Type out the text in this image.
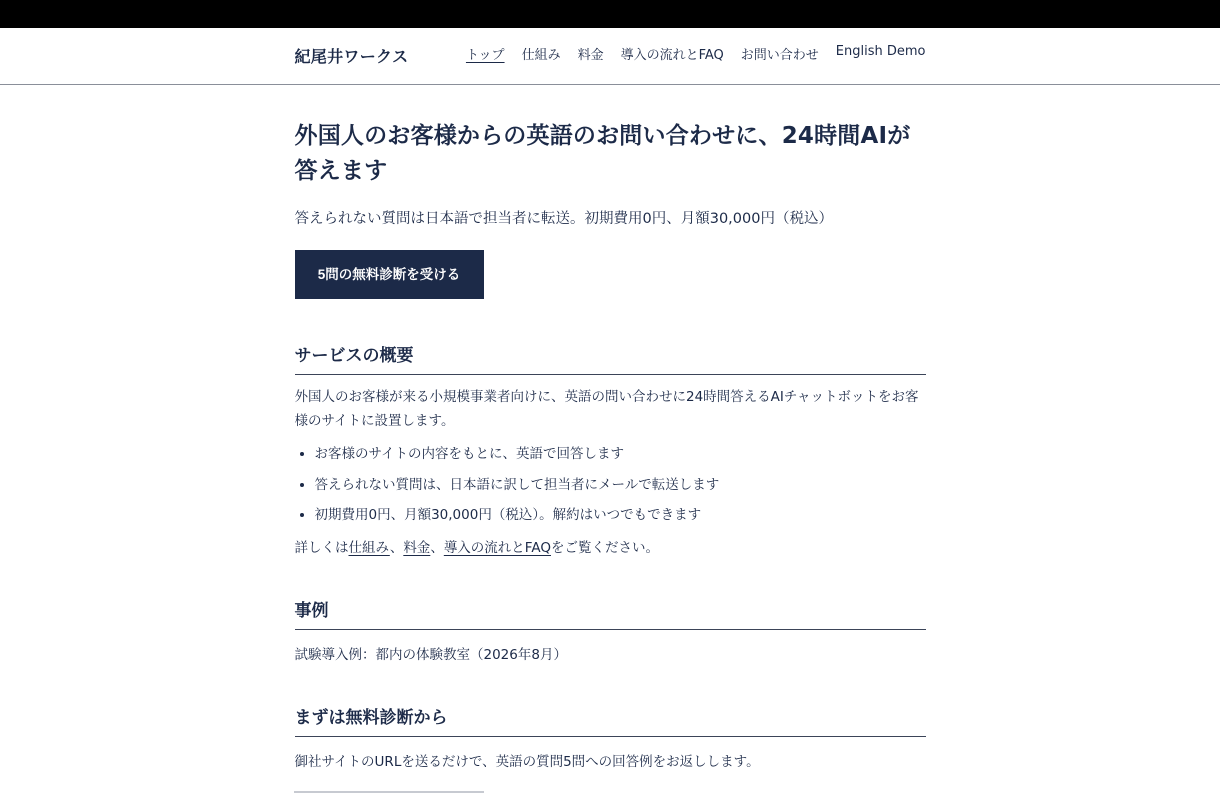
紀尾井ワークス	トップ 仕組み 料金 導入の流れとFAQ お問い合わせ English Demo
外国人のお客様からの英語のお問い合わせに、24時間AIが答えます

答えられない質問は日本語で担当者に転送。初期費用0円、月額30,000円（税込）

5問の無料診断を受ける
サービスの概要

外国人のお客様が来る小規模事業者向けに、英語の問い合わせに24時間答えるAIチャットボットをお客様のサイトに設置します。

• お客様のサイトの内容をもとに、英語で回答します
• 答えられない質問は、日本語に訳して担当者にメールで転送します
• 初期費用0円、月額30,000円（税込）。解約はいつでもできます

詳しくは仕組み、料金、導入の流れとFAQをご覧ください。

事例

試験導入例：都内の体験教室（2026年8月）

まずは無料診断から

御社サイトのURLを送るだけで、英語の質問5問への回答例をお返しします。
